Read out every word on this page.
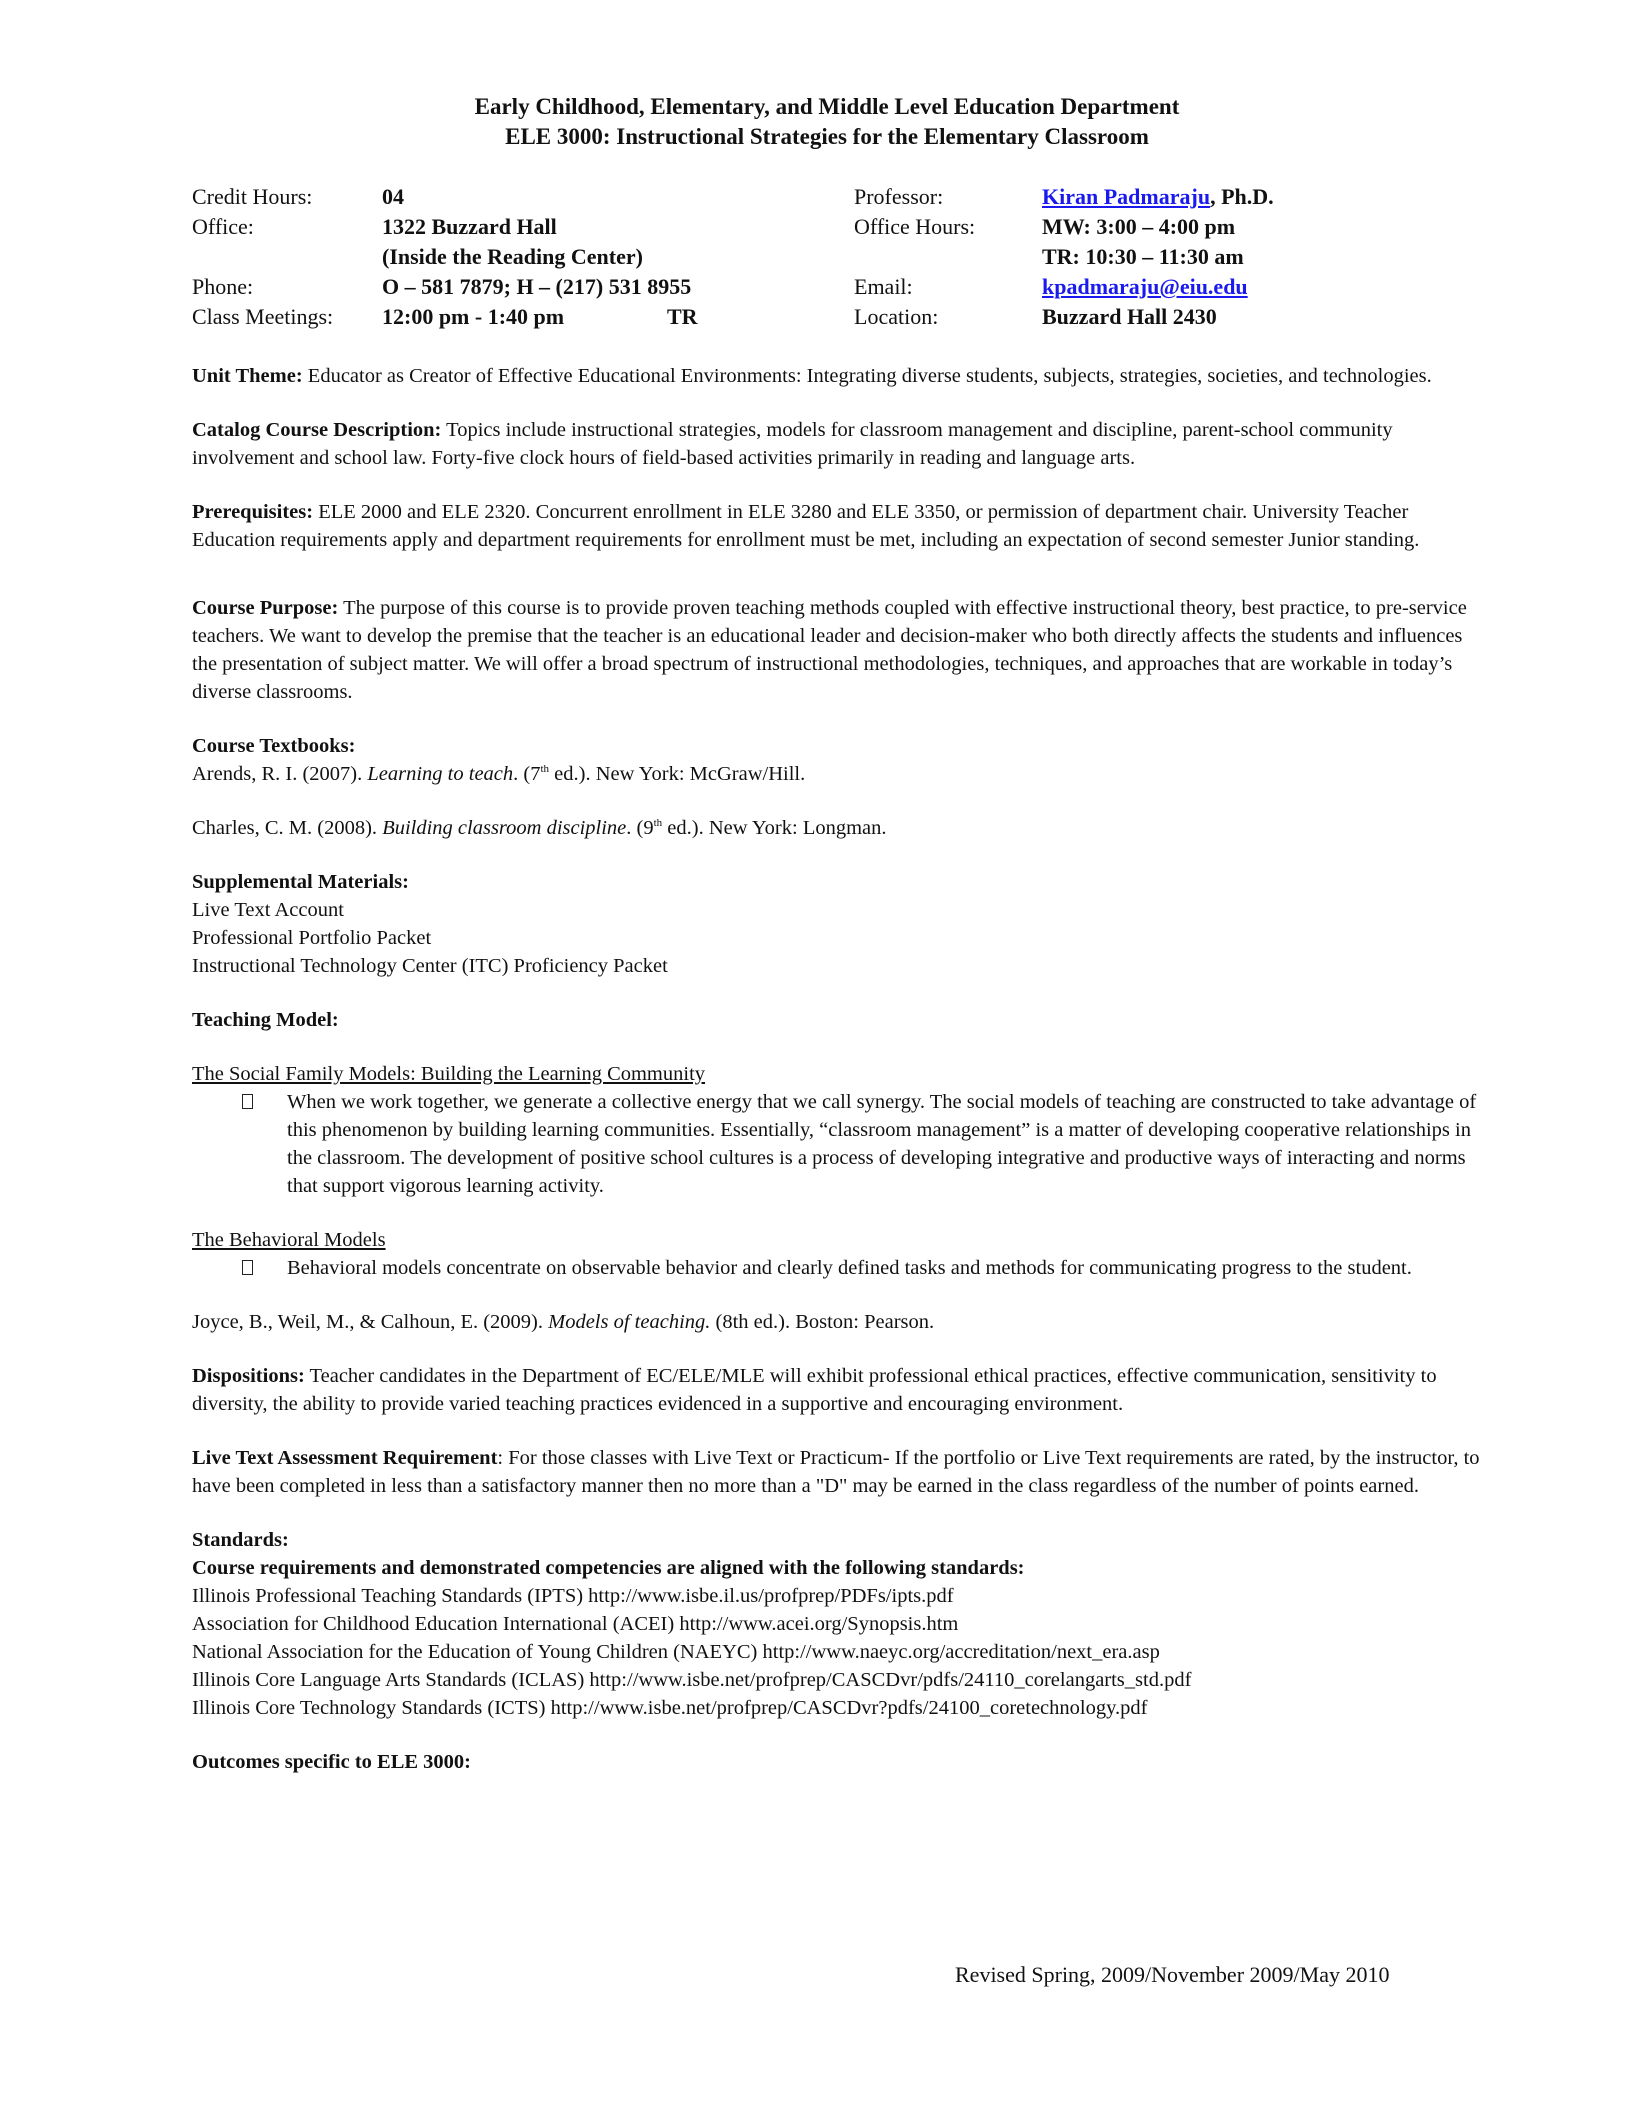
Early Childhood, Elementary, and Middle Level Education Department
ELE 3000: Instructional Strategies for the Elementary Classroom
Credit Hours:	04
Office:	1322 Buzzard Hall
(Inside the Reading Center)
Phone:	O – 581 7879; H – (217) 531 8955
Class Meetings: 12:00 pm - 1:40 pm	TR
Professor:	Kiran Padmaraju, Ph.D.
Office Hours:	MW: 3:00 – 4:00 pm
TR: 10:30 – 11:30 am
Email:	kpadmaraju@eiu.edu
Location:	Buzzard Hall 2430

Unit Theme: Educator as Creator of Effective Educational Environments: Integrating diverse students, subjects, strategies, societies, and technologies.

Catalog Course Description: Topics include instructional strategies, models for classroom management and discipline, parent-school community involvement and school law. Forty-five clock hours of field-based activities primarily in reading and language arts.

Prerequisites: ELE 2000 and ELE 2320. Concurrent enrollment in ELE 3280 and ELE 3350, or permission of department chair. University Teacher Education requirements apply and department requirements for enrollment must be met, including an expectation of second semester Junior standing.

Course Purpose: The purpose of this course is to provide proven teaching methods coupled with effective instructional theory, best practice, to pre-service teachers. We want to develop the premise that the teacher is an educational leader and decision-maker who both directly affects the students and influences the presentation of subject matter. We will offer a broad spectrum of instructional methodologies, techniques, and approaches that are workable in today’s diverse classrooms.

Course Textbooks:

Arends, R. I. (2007). Learning to teach. (7th ed.). New York: McGraw/Hill.

Charles, C. M. (2008). Building classroom discipline. (9th ed.). New York: Longman.

Supplemental Materials:

Live Text Account

Professional Portfolio Packet

Instructional Technology Center (ITC) Proficiency Packet

Teaching Model:

The Social Family Models: Building the Learning Community

When we work together, we generate a collective energy that we call synergy. The social models of teaching are constructed to take advantage of this phenomenon by building learning communities. Essentially, “classroom management” is a matter of developing cooperative relationships in the classroom. The development of positive school cultures is a process of developing integrative and productive ways of interacting and norms that support vigorous learning activity.

The Behavioral Models

Behavioral models concentrate on observable behavior and clearly defined tasks and methods for communicating progress to the student.

Joyce, B., Weil, M., & Calhoun, E. (2009). Models of teaching. (8th ed.). Boston: Pearson.

Dispositions: Teacher candidates in the Department of EC/ELE/MLE will exhibit professional ethical practices, effective communication, sensitivity to diversity, the ability to provide varied teaching practices evidenced in a supportive and encouraging environment.

Live Text Assessment Requirement: For those classes with Live Text or Practicum- If the portfolio or Live Text requirements are rated, by the instructor, to have been completed in less than a satisfactory manner then no more than a "D" may be earned in the class regardless of the number of points earned.

Standards:

Course requirements and demonstrated competencies are aligned with the following standards:

Illinois Professional Teaching Standards (IPTS) http://www.isbe.il.us/profprep/PDFs/ipts.pdf

Association for Childhood Education International (ACEI) http://www.acei.org/Synopsis.htm

National Association for the Education of Young Children (NAEYC) http://www.naeyc.org/accreditation/next_era.asp

Illinois Core Language Arts Standards (ICLAS) http://www.isbe.net/profprep/CASCDvr/pdfs/24110_corelangarts_std.pdf

Illinois Core Technology Standards (ICTS) http://www.isbe.net/profprep/CASCDvr?pdfs/24100_coretechnology.pdf

Outcomes specific to ELE 3000:

Revised Spring, 2009/November 2009/May 2010
